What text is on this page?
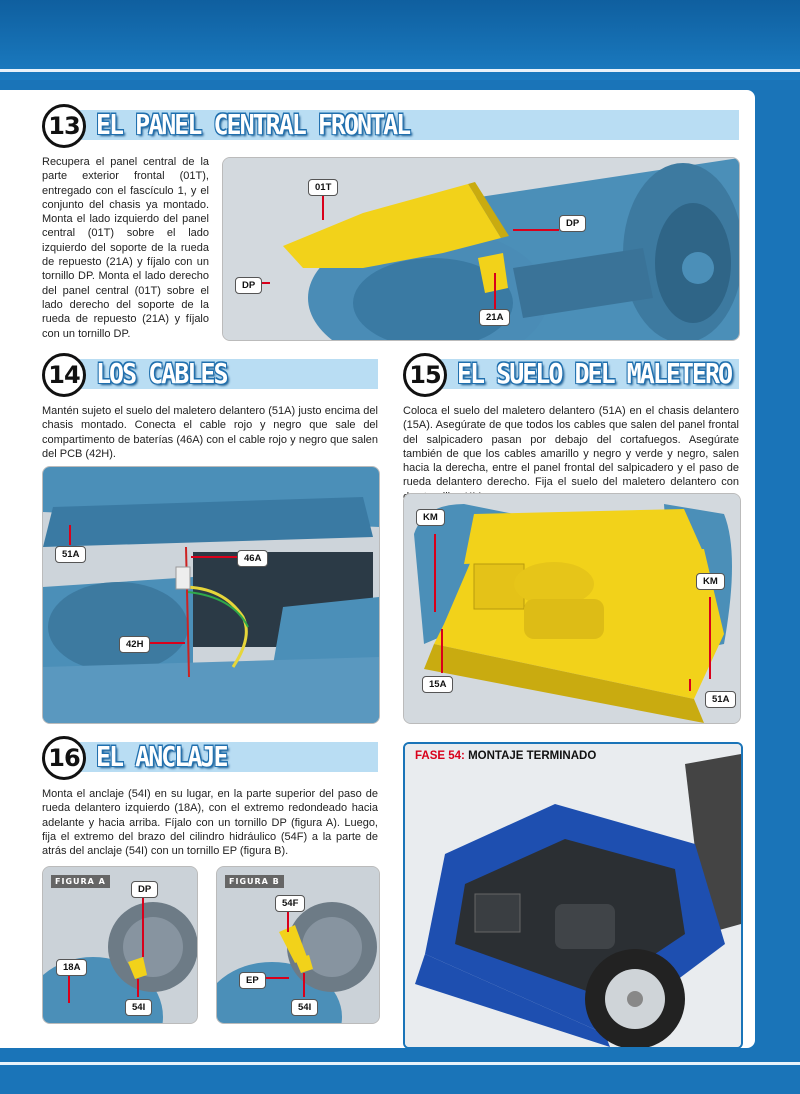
13 EL PANEL CENTRAL FRONTAL

Recupera el panel central de la parte exterior frontal (01T), entregado con el fascículo 1, y el conjunto del chasis ya montado. Monta el lado izquierdo del panel central (01T) sobre el lado izquierdo del soporte de la rueda de repuesto (21A) y fíjalo con un tornillo DP. Monta el lado derecho del panel central (01T) sobre el lado derecho del soporte de la rueda de repuesto (21A) y fíjalo con un tornillo DP.

01T
DP
DP
21A
14 LOS CABLES

Mantén sujeto el suelo del maletero delantero (51A) justo encima del chasis montado. Conecta el cable rojo y negro que sale del compartimento de baterías (46A) con el cable rojo y negro que salen del PCB (42H).

51A	46A
42H
15 EL SUELO DEL MALETERO

Coloca el suelo del maletero delantero (51A) en el chasis delantero (15A). Asegúrate de que todos los cables que salen del panel frontal del salpicadero pasan por debajo del cortafuegos. Asegúrate también de que los cables amarillo y negro y verde y negro, salen hacia la derecha, entre el panel frontal del salpicadero y el paso de rueda delantero derecho. Fija el suelo del maletero delantero con

KM
KM
15A
51A
16 EL ANCLAJE

Monta el anclaje (54I) en su lugar, en la parte superior del paso de rueda delantero izquierdo (18A), con el extremo redondeado hacia adelante y hacia arriba. Fíjalo con un tornillo DP (figura A). Luego, fija el extremo del brazo del cilindro hidráulico (54F) a la parte de atrás del anclaje (54I) con un tornillo EP (figura B).

FIGURA A
DP
18A
54I
FIGURA B
54F
EP
54I
FASE 54: MONTAJE TERMINADO
